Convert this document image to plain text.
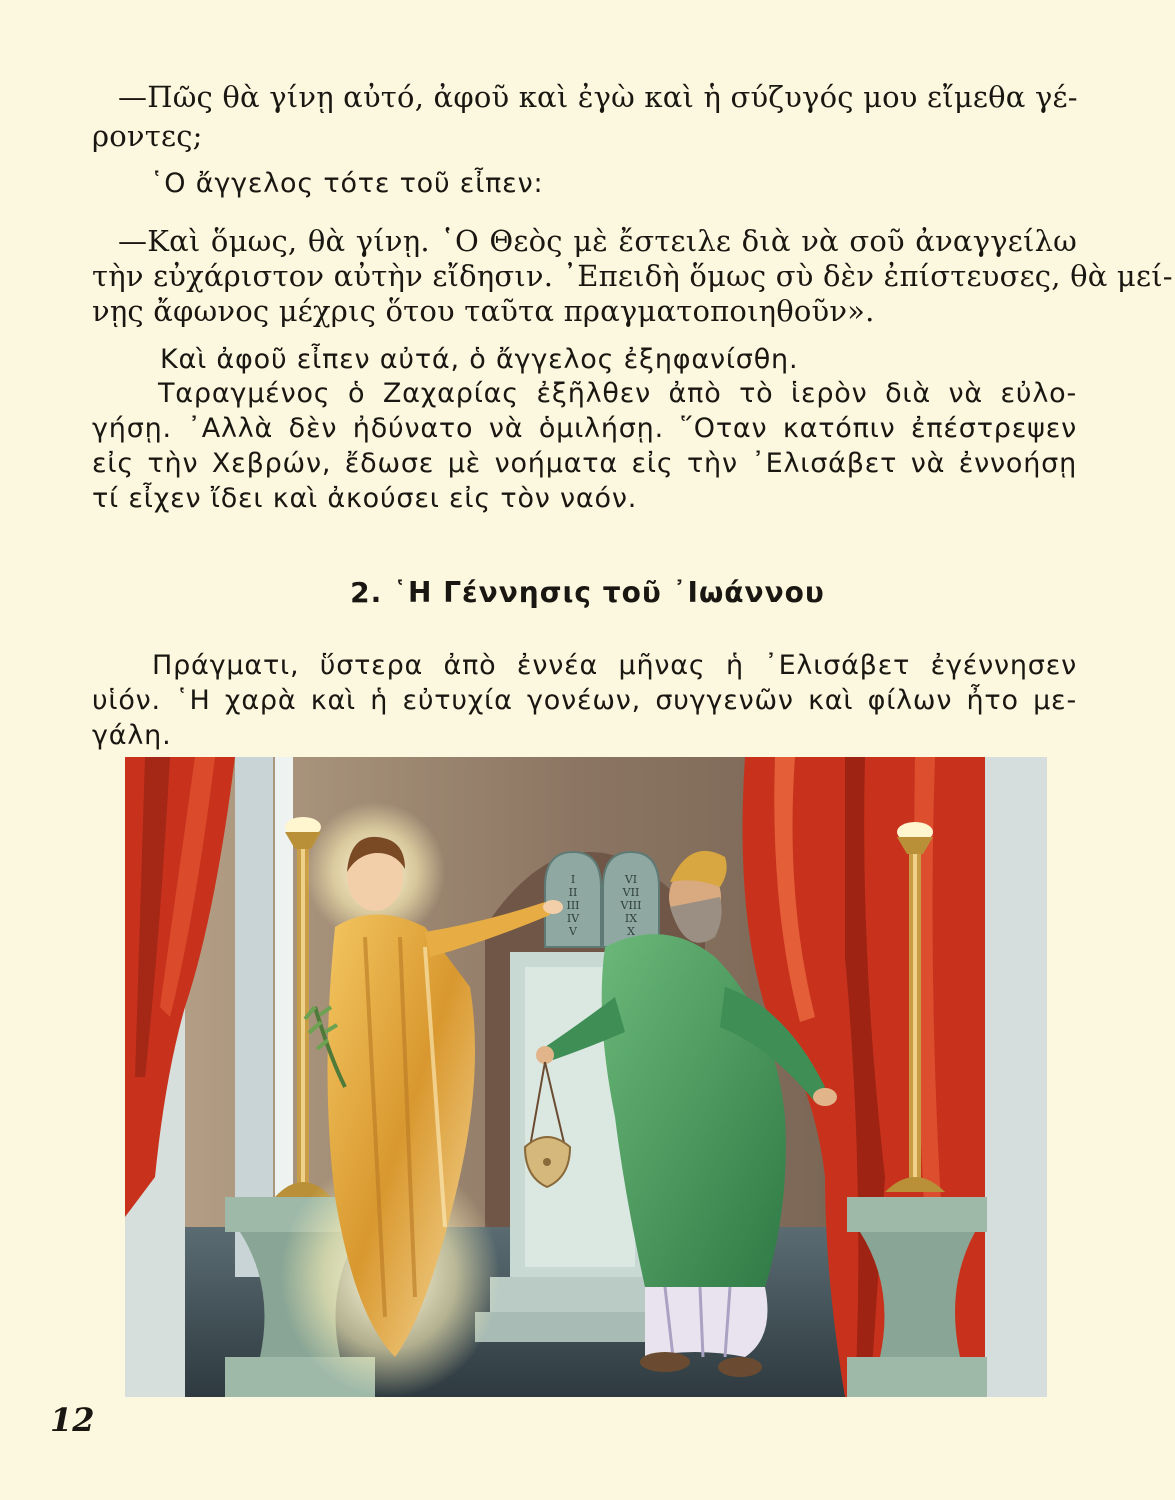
—Πῶς θὰ γίνῃ αὐτό, ἀφοῦ καὶ ἐγὼ καὶ ἡ σύζυγός μου εἴμεθα γέ-
ροντες;
῾Ο ἄγγελος τότε τοῦ εἶπεν:
—Καὶ ὅμως, θὰ γίνῃ. ῾Ο Θεὸς μὲ ἔστειλε διὰ νὰ σοῦ ἀναγγείλω
τὴν εὐχάριστον αὐτὴν εἴδησιν. ᾿Επειδὴ ὅμως σὺ δὲν ἐπίστευσες, θὰ μεί-
νῃς ἄφωνος μέχρις ὅτου ταῦτα πραγματοποιηθοῦν».
Καὶ ἀφοῦ εἶπεν αὐτά, ὁ ἄγγελος ἐξηφανίσθη.
Ταραγμένος ὁ Ζαχαρίας ἐξῆλθεν ἀπὸ τὸ ἱερὸν διὰ νὰ εὐλο-
γήσῃ. ᾿Αλλὰ δὲν ἠδύνατο νὰ ὁμιλήσῃ. ῞Οταν κατόπιν ἐπέστρεψεν
εἰς τὴν Χεβρών, ἔδωσε μὲ νοήματα εἰς τὴν ᾿Ελισάβετ νὰ ἐννοήσῃ
τί εἶχεν ἴδει καὶ ἀκούσει εἰς τὸν ναόν.
2. ῾Η Γέννησις τοῦ ᾿Ιωάννου
Πράγματι, ὕστερα ἀπὸ ἐννέα μῆνας ἡ ᾿Ελισάβετ ἐγέννησεν
υἱόν. ῾Η χαρὰ καὶ ἡ εὐτυχία γονέων, συγγενῶν καὶ φίλων ἦτο με-
γάλη.
I
II
III
IV
V
VI
VII
VIII
IX
X
12
